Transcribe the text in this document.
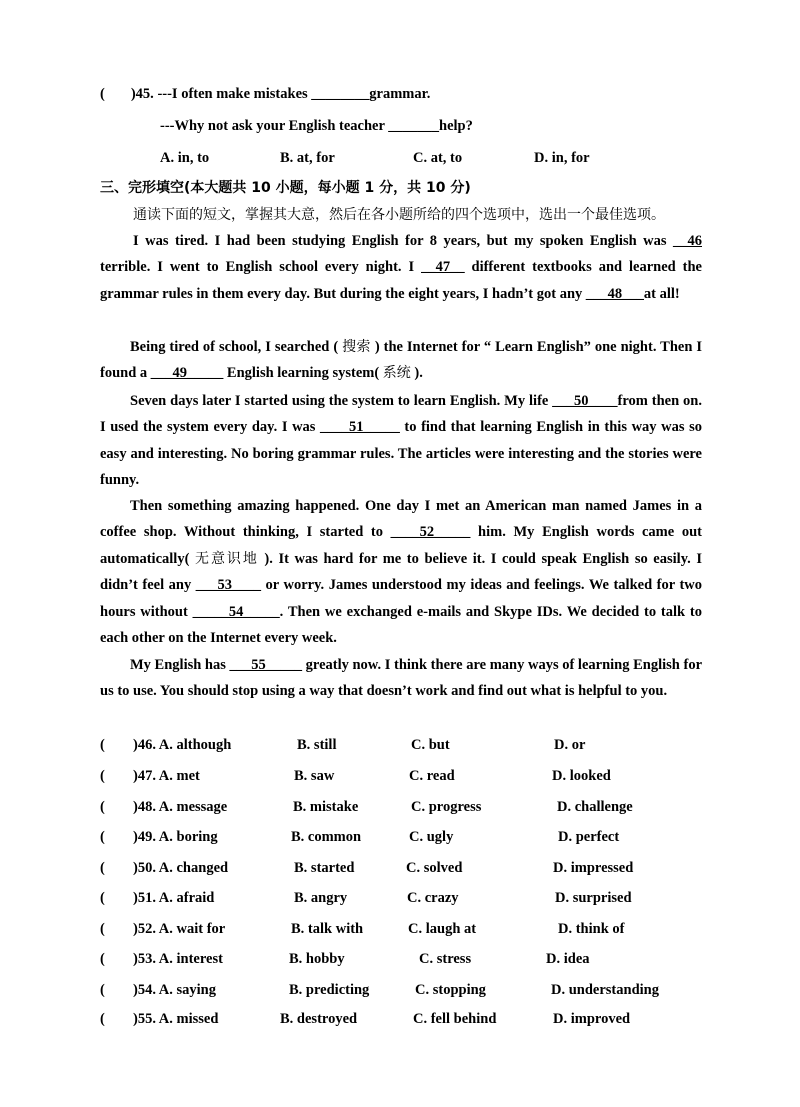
( )45. ---I often make mistakes ________grammar.
---Why not ask your English teacher _______help?
A. in, to	B. at, for	C. at, to	D. in, for
三、完形填空(本大题共 10 小题，每小题 1 分，共 10 分)
通读下面的短文，掌握其大意，然后在各小题所给的四个选项中，选出一个最佳选项。
I was tired. I had been studying English for 8 years, but my spoken English was __46 terrible. I went to English school every night. I __47__ different textbooks and learned the grammar rules in them every day. But during the eight years, I hadn’t got any ___48___at all!
Being tired of school, I searched ( 搜索 ) the Internet for “ Learn English” one night. Then I found a ___49_____ English learning system( 系统 ).
Seven days later I started using the system to learn English. My life ___50____from then on. I used the system every day. I was ____51_____ to find that learning English in this way was so easy and interesting. No boring grammar rules. The articles were interesting and the stories were funny.
Then something amazing happened. One day I met an American man named James in a coffee shop. Without thinking, I started to ____52_____ him. My English words came out automatically( 无意识地 ). It was hard for me to believe it. I could speak English so easily. I didn’t feel any ___53____ or worry. James understood my ideas and feelings. We talked for two hours without _____54_____. Then we exchanged e-mails and Skype IDs. We decided to talk to each other on the Internet every week.
My English has ___55_____ greatly now. I think there are many ways of learning English for us to use. You should stop using a way that doesn’t work and find out what is helpful to you.
( )46. A. although	B. still	C. but	D. or
( )47. A. met	B. saw	C. read	D. looked
( )48. A. message	B. mistake	C. progress	D. challenge
( )49. A. boring	B. common	C. ugly	D. perfect
( )50. A. changed	B. started	C. solved	D. impressed
( )51. A. afraid	B. angry	C. crazy	D. surprised
( )52. A. wait for	B. talk with	C. laugh at	D. think of
( )53. A. interest	B. hobby	C. stress	D. idea
( )54. A. saying	B. predicting	C. stopping	D. understanding
( )55. A. missed	B. destroyed	C. fell behind	D. improved
